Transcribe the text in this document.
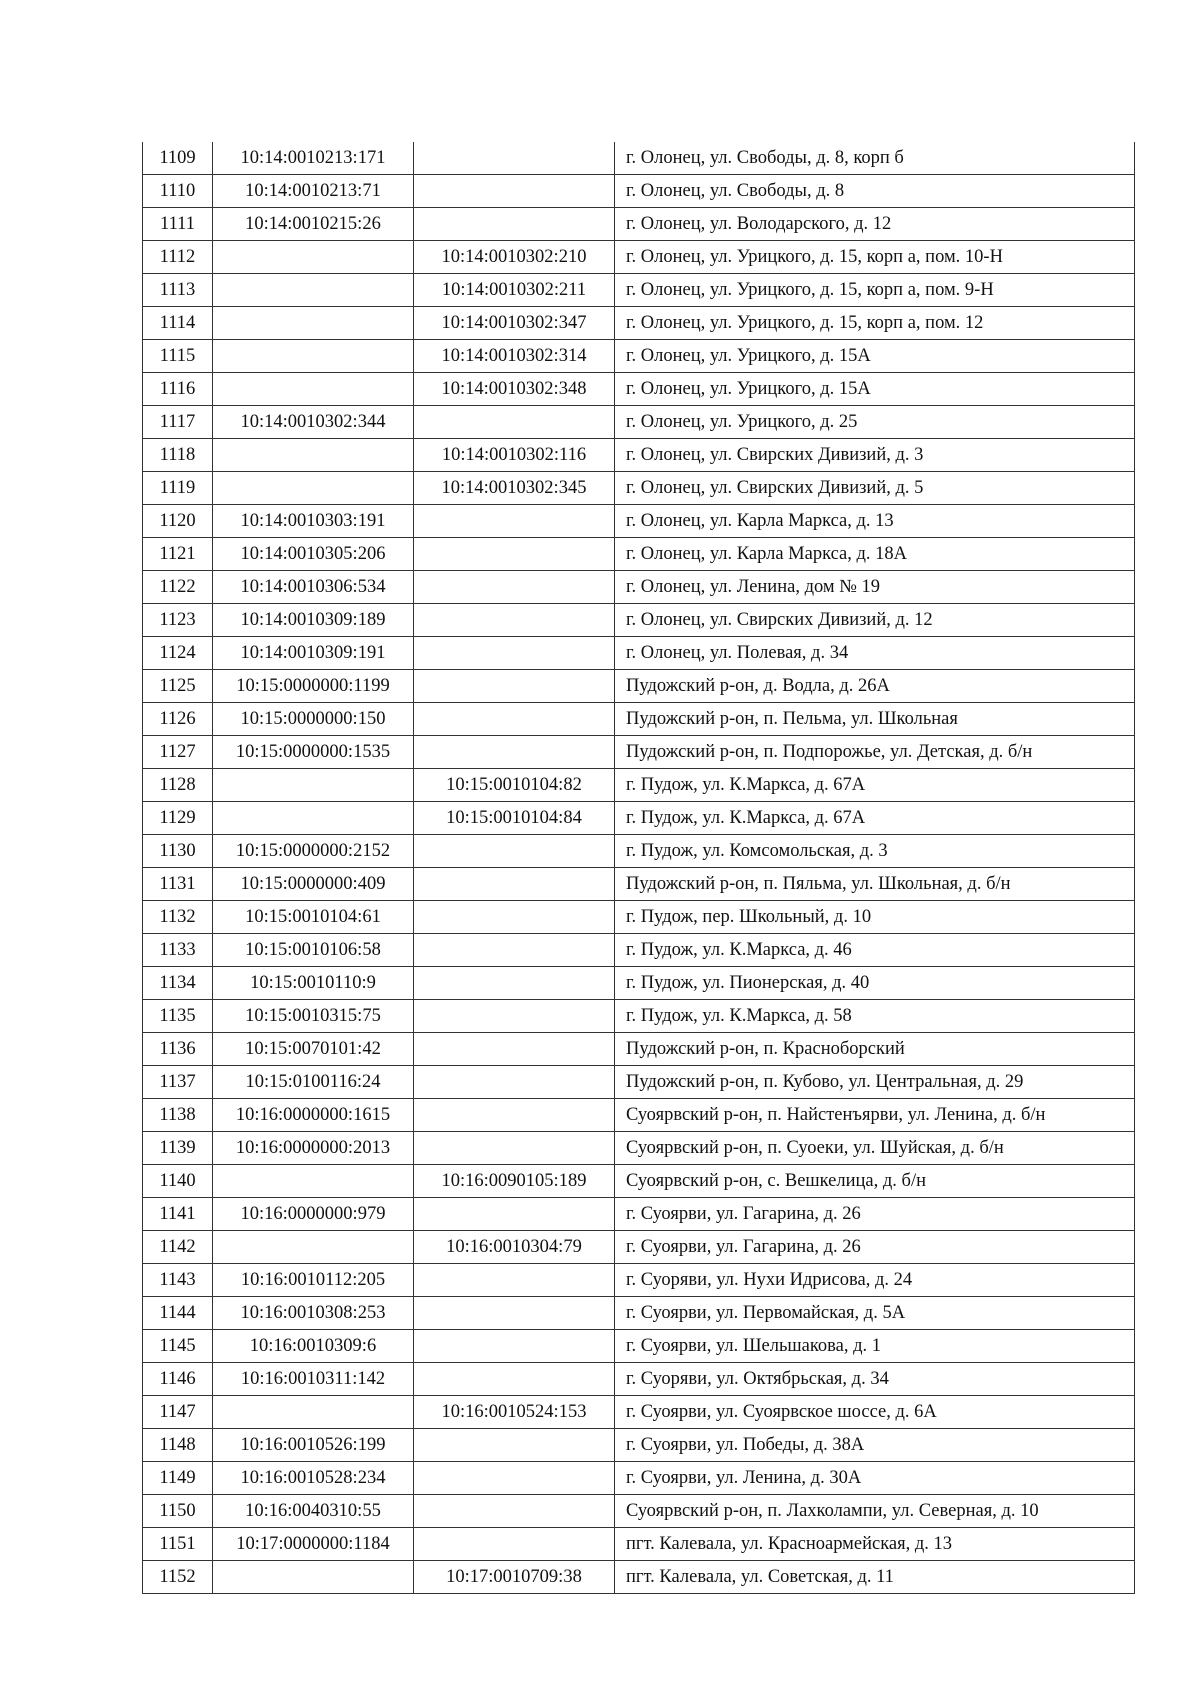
1109	10:14:0010213:171		г. Олонец, ул. Свободы, д. 8, корп б
1110	10:14:0010213:71		г. Олонец, ул. Свободы, д. 8
1111	10:14:0010215:26		г. Олонец, ул. Володарского, д. 12
1112		10:14:0010302:210	г. Олонец, ул. Урицкого, д. 15, корп а, пом. 10-Н
1113		10:14:0010302:211	г. Олонец, ул. Урицкого, д. 15, корп а, пом. 9-Н
1114		10:14:0010302:347	г. Олонец, ул. Урицкого, д. 15, корп а, пом. 12
1115		10:14:0010302:314	г. Олонец, ул. Урицкого, д. 15А
1116		10:14:0010302:348	г. Олонец, ул. Урицкого, д. 15А
1117	10:14:0010302:344		г. Олонец, ул. Урицкого, д. 25
1118		10:14:0010302:116	г. Олонец, ул. Свирских Дивизий, д. 3
1119		10:14:0010302:345	г. Олонец, ул. Свирских Дивизий, д. 5
1120	10:14:0010303:191		г. Олонец, ул. Карла Маркса, д. 13
1121	10:14:0010305:206		г. Олонец, ул. Карла Маркса, д. 18А
1122	10:14:0010306:534		г. Олонец, ул. Ленина, дом № 19
1123	10:14:0010309:189		г. Олонец, ул. Свирских Дивизий, д. 12
1124	10:14:0010309:191		г. Олонец, ул. Полевая, д. 34
1125	10:15:0000000:1199		Пудожский р-он, д. Водла, д. 26А
1126	10:15:0000000:150		Пудожский р-он, п. Пельма, ул. Школьная
1127	10:15:0000000:1535		Пудожский р-он, п. Подпорожье, ул. Детская, д. б/н
1128		10:15:0010104:82	г. Пудож, ул. К.Маркса, д. 67А
1129		10:15:0010104:84	г. Пудож, ул. К.Маркса, д. 67А
1130	10:15:0000000:2152		г. Пудож, ул. Комсомольская, д. 3
1131	10:15:0000000:409		Пудожский р-он, п. Пяльма, ул. Школьная, д. б/н
1132	10:15:0010104:61		г. Пудож, пер. Школьный, д. 10
1133	10:15:0010106:58		г. Пудож, ул. К.Маркса, д. 46
1134	10:15:0010110:9		г. Пудож, ул. Пионерская, д. 40
1135	10:15:0010315:75		г. Пудож, ул. К.Маркса, д. 58
1136	10:15:0070101:42		Пудожский р-он, п. Красноборский
1137	10:15:0100116:24		Пудожский р-он, п. Кубово, ул. Центральная, д. 29
1138	10:16:0000000:1615		Суоярвский р-он, п. Найстенъярви, ул. Ленина, д. б/н
1139	10:16:0000000:2013		Суоярвский р-он, п. Суоеки, ул. Шуйская, д. б/н
1140		10:16:0090105:189	Суоярвский р-он, с. Вешкелица, д. б/н
1141	10:16:0000000:979		г. Суоярви, ул. Гагарина, д. 26
1142		10:16:0010304:79	г. Суоярви, ул. Гагарина, д. 26
1143	10:16:0010112:205		г. Суоряви, ул. Нухи Идрисова, д. 24
1144	10:16:0010308:253		г. Суоярви, ул. Первомайская, д. 5А
1145	10:16:0010309:6		г. Суоярви, ул. Шельшакова, д. 1
1146	10:16:0010311:142		г. Суоряви, ул. Октябрьская, д. 34
1147		10:16:0010524:153	г. Суоярви, ул. Суоярвское шоссе, д. 6А
1148	10:16:0010526:199		г. Суоярви, ул. Победы, д. 38А
1149	10:16:0010528:234		г. Суоярви, ул. Ленина, д. 30А
1150	10:16:0040310:55		Суоярвский р-он, п. Лахколампи, ул. Северная, д. 10
1151	10:17:0000000:1184		пгт. Калевала, ул. Красноармейская, д. 13
1152		10:17:0010709:38	пгт. Калевала, ул. Советская, д. 11
